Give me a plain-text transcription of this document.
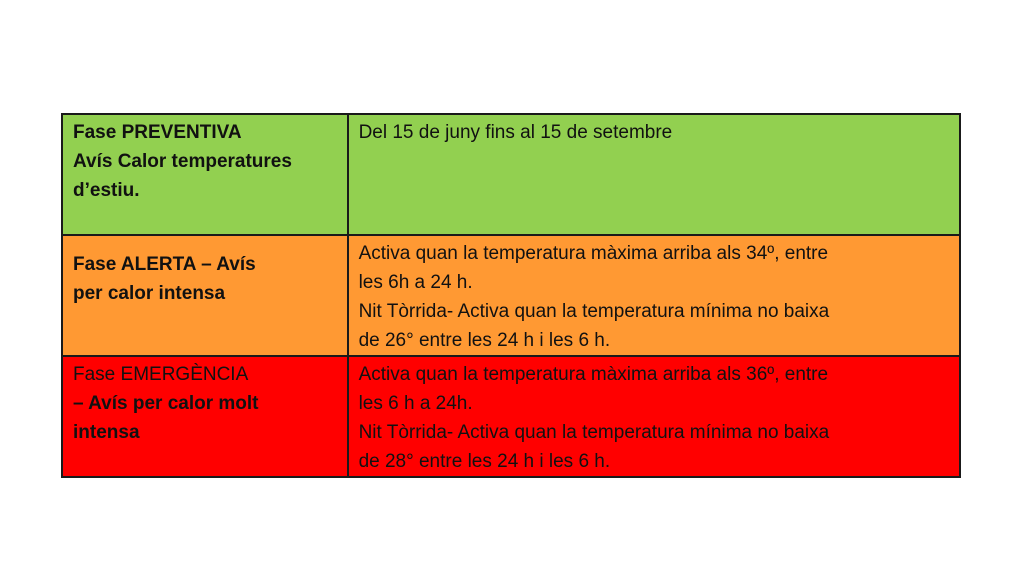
Fase PREVENTIVA
Avís Calor temperatures
d’estiu.	Del 15 de juny fins al 15 de setembre

Fase ALERTA – Avís
per calor intensa	Activa quan la temperatura màxima arriba als 34º, entre
les 6h a 24 h.
Nit Tòrrida- Activa quan la temperatura mínima no baixa
de 26° entre les 24 h i les 6 h.

Fase EMERGÈNCIA
– Avís per calor molt
intensa	Activa quan la temperatura màxima arriba als 36º, entre
les 6 h a 24h.
Nit Tòrrida- Activa quan la temperatura mínima no baixa
de 28° entre les 24 h i les 6 h.
